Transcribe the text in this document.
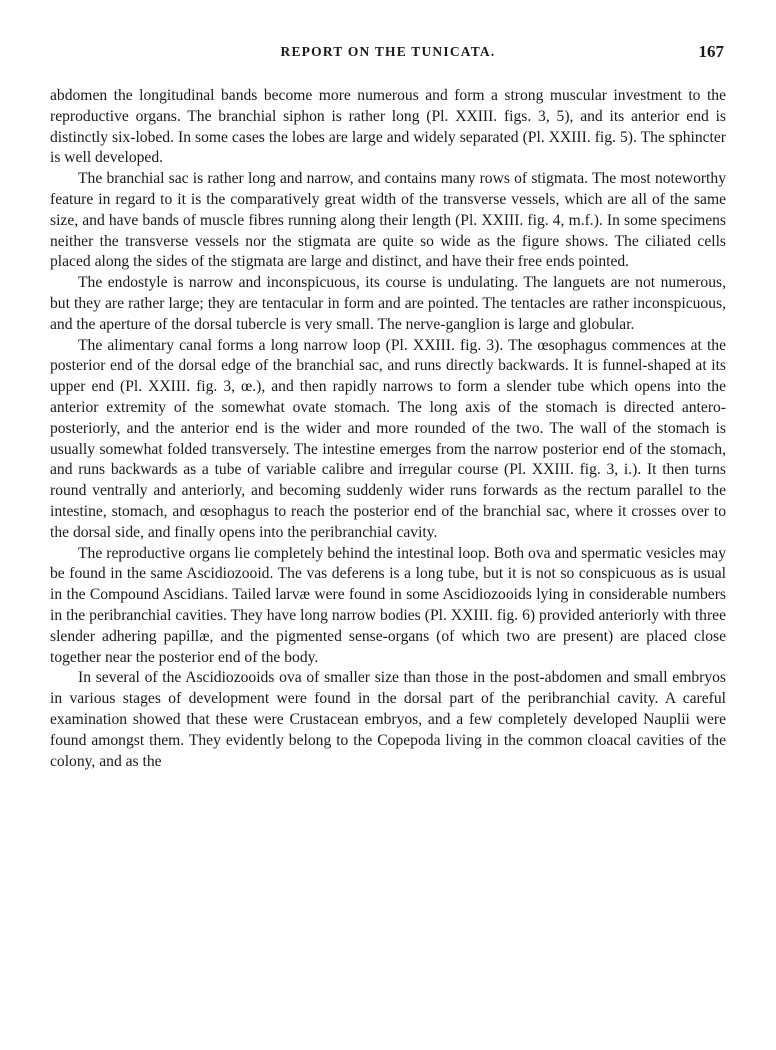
REPORT ON THE TUNICATA.	167

abdomen the longitudinal bands become more numerous and form a strong muscular investment to the reproductive organs. The branchial siphon is rather long (Pl. XXIII. figs. 3, 5), and its anterior end is distinctly six-lobed. In some cases the lobes are large and widely separated (Pl. XXIII. fig. 5). The sphincter is well developed.

The branchial sac is rather long and narrow, and contains many rows of stigmata. The most noteworthy feature in regard to it is the comparatively great width of the transverse vessels, which are all of the same size, and have bands of muscle fibres running along their length (Pl. XXIII. fig. 4, m.f.). In some specimens neither the transverse vessels nor the stigmata are quite so wide as the figure shows. The ciliated cells placed along the sides of the stigmata are large and distinct, and have their free ends pointed.

The endostyle is narrow and inconspicuous, its course is undulating. The languets are not numerous, but they are rather large; they are tentacular in form and are pointed. The tentacles are rather inconspicuous, and the aperture of the dorsal tubercle is very small. The nerve-ganglion is large and globular.

The alimentary canal forms a long narrow loop (Pl. XXIII. fig. 3). The œsophagus commences at the posterior end of the dorsal edge of the branchial sac, and runs directly backwards. It is funnel-shaped at its upper end (Pl. XXIII. fig. 3, œ.), and then rapidly narrows to form a slender tube which opens into the anterior extremity of the somewhat ovate stomach. The long axis of the stomach is directed antero-posteriorly, and the anterior end is the wider and more rounded of the two. The wall of the stomach is usually somewhat folded transversely. The intestine emerges from the narrow posterior end of the stomach, and runs backwards as a tube of variable calibre and irregular course (Pl. XXIII. fig. 3, i.). It then turns round ventrally and anteriorly, and becoming suddenly wider runs forwards as the rectum parallel to the intestine, stomach, and œsophagus to reach the posterior end of the branchial sac, where it crosses over to the dorsal side, and finally opens into the peribranchial cavity.

The reproductive organs lie completely behind the intestinal loop. Both ova and spermatic vesicles may be found in the same Ascidiozooid. The vas deferens is a long tube, but it is not so conspicuous as is usual in the Compound Ascidians. Tailed larvæ were found in some Ascidiozooids lying in considerable numbers in the peribranchial cavities. They have long narrow bodies (Pl. XXIII. fig. 6) provided anteriorly with three slender adhering papillæ, and the pigmented sense-organs (of which two are present) are placed close together near the posterior end of the body.

In several of the Ascidiozooids ova of smaller size than those in the post-abdomen and small embryos in various stages of development were found in the dorsal part of the peribranchial cavity. A careful examination showed that these were Crustacean embryos, and a few completely developed Nauplii were found amongst them. They evidently belong to the Copepoda living in the common cloacal cavities of the colony, and as the
